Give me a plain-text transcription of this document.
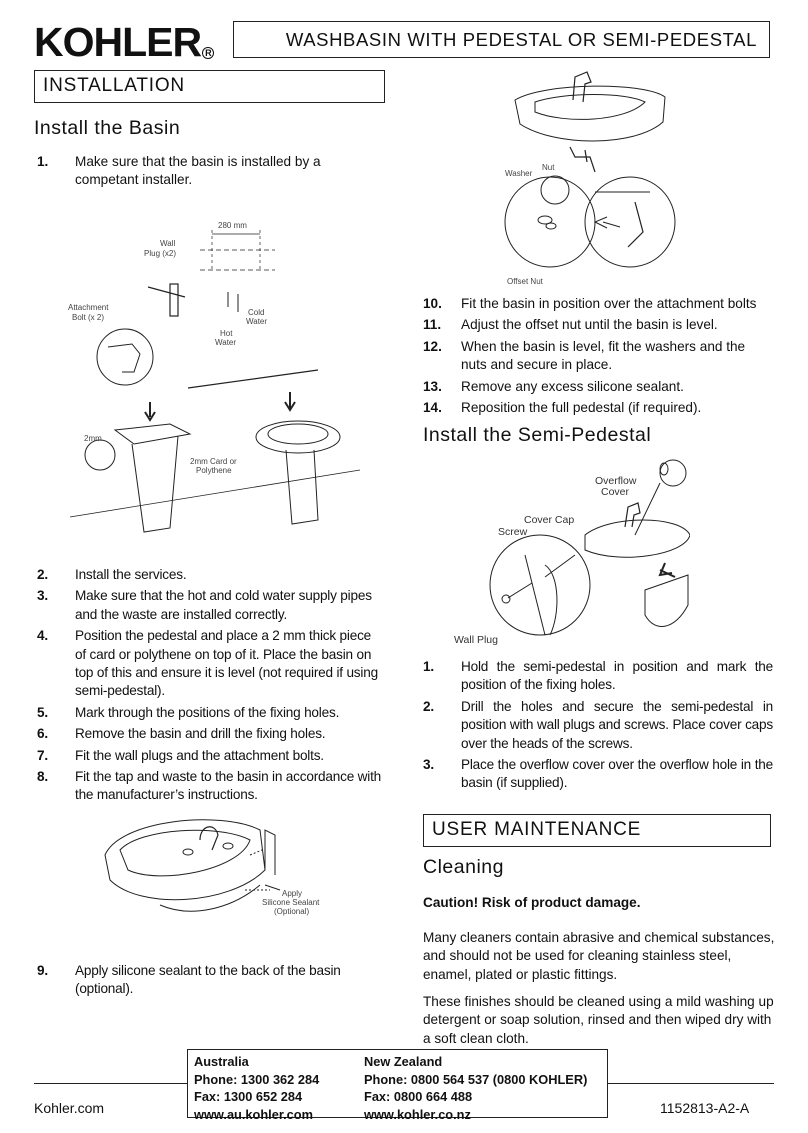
KOHLER R
WASHBASIN WITH PEDESTAL OR SEMI-PEDESTAL
INSTALLATION
Install the Basin
1. Make sure that the basin is installed by a competant installer.
280 mm
Wall
Plug (x2)
Attachment
Bolt (x 2)
Cold
Water
Hot
Water
2mm
2mm Card or
Polythene
2. Install the services.
3. Make sure that the hot and cold water supply pipes and the waste are installed correctly.
4. Position the pedestal and place a 2 mm thick piece of card or polythene on top of it. Place the basin on top of this and ensure it is level (not required if using semi-pedestal).
5. Mark through the positions of the fixing holes.
6. Remove the basin and drill the fixing holes.
7. Fit the wall plugs and the attachment bolts.
8. Fit the tap and waste to the basin in accordance with the manufacturer’s instructions.
Apply
Silicone Sealant
(Optional)
9. Apply silicone sealant to the back of the basin (optional).
Washer
Nut
Offset Nut
10. Fit the basin in position over the attachment bolts
11. Adjust the offset nut until the basin is level.
12. When the basin is level, fit the washers and the nuts and secure in place.
13. Remove any excess silicone sealant.
14. Reposition the full pedestal (if required).
Install the Semi-Pedestal
Overflow
Cover
Cover Cap
Screw
Wall Plug
1. Hold the semi-pedestal in position and mark the position of the fixing holes.
2. Drill the holes and secure the semi-pedestal in position with wall plugs and screws. Place cover caps over the heads of the screws.
3. Place the overflow cover over the overflow hole in the basin (if supplied).
USER MAINTENANCE
Cleaning

Caution! Risk of product damage.

Many cleaners contain abrasive and chemical substances, and should not be used for cleaning stainless steel, enamel, plated or plastic fittings.

These finishes should be cleaned using a mild washing up detergent or soap solution, rinsed and then wiped dry with a soft clean cloth.

Kohler.com	1152813-A2-A
Australia
Phone: 1300 362 284
Fax: 1300 652 284
www.au.kohler.com
New Zealand
Phone: 0800 564 537 (0800 KOHLER)
Fax: 0800 664 488
www.kohler.co.nz
